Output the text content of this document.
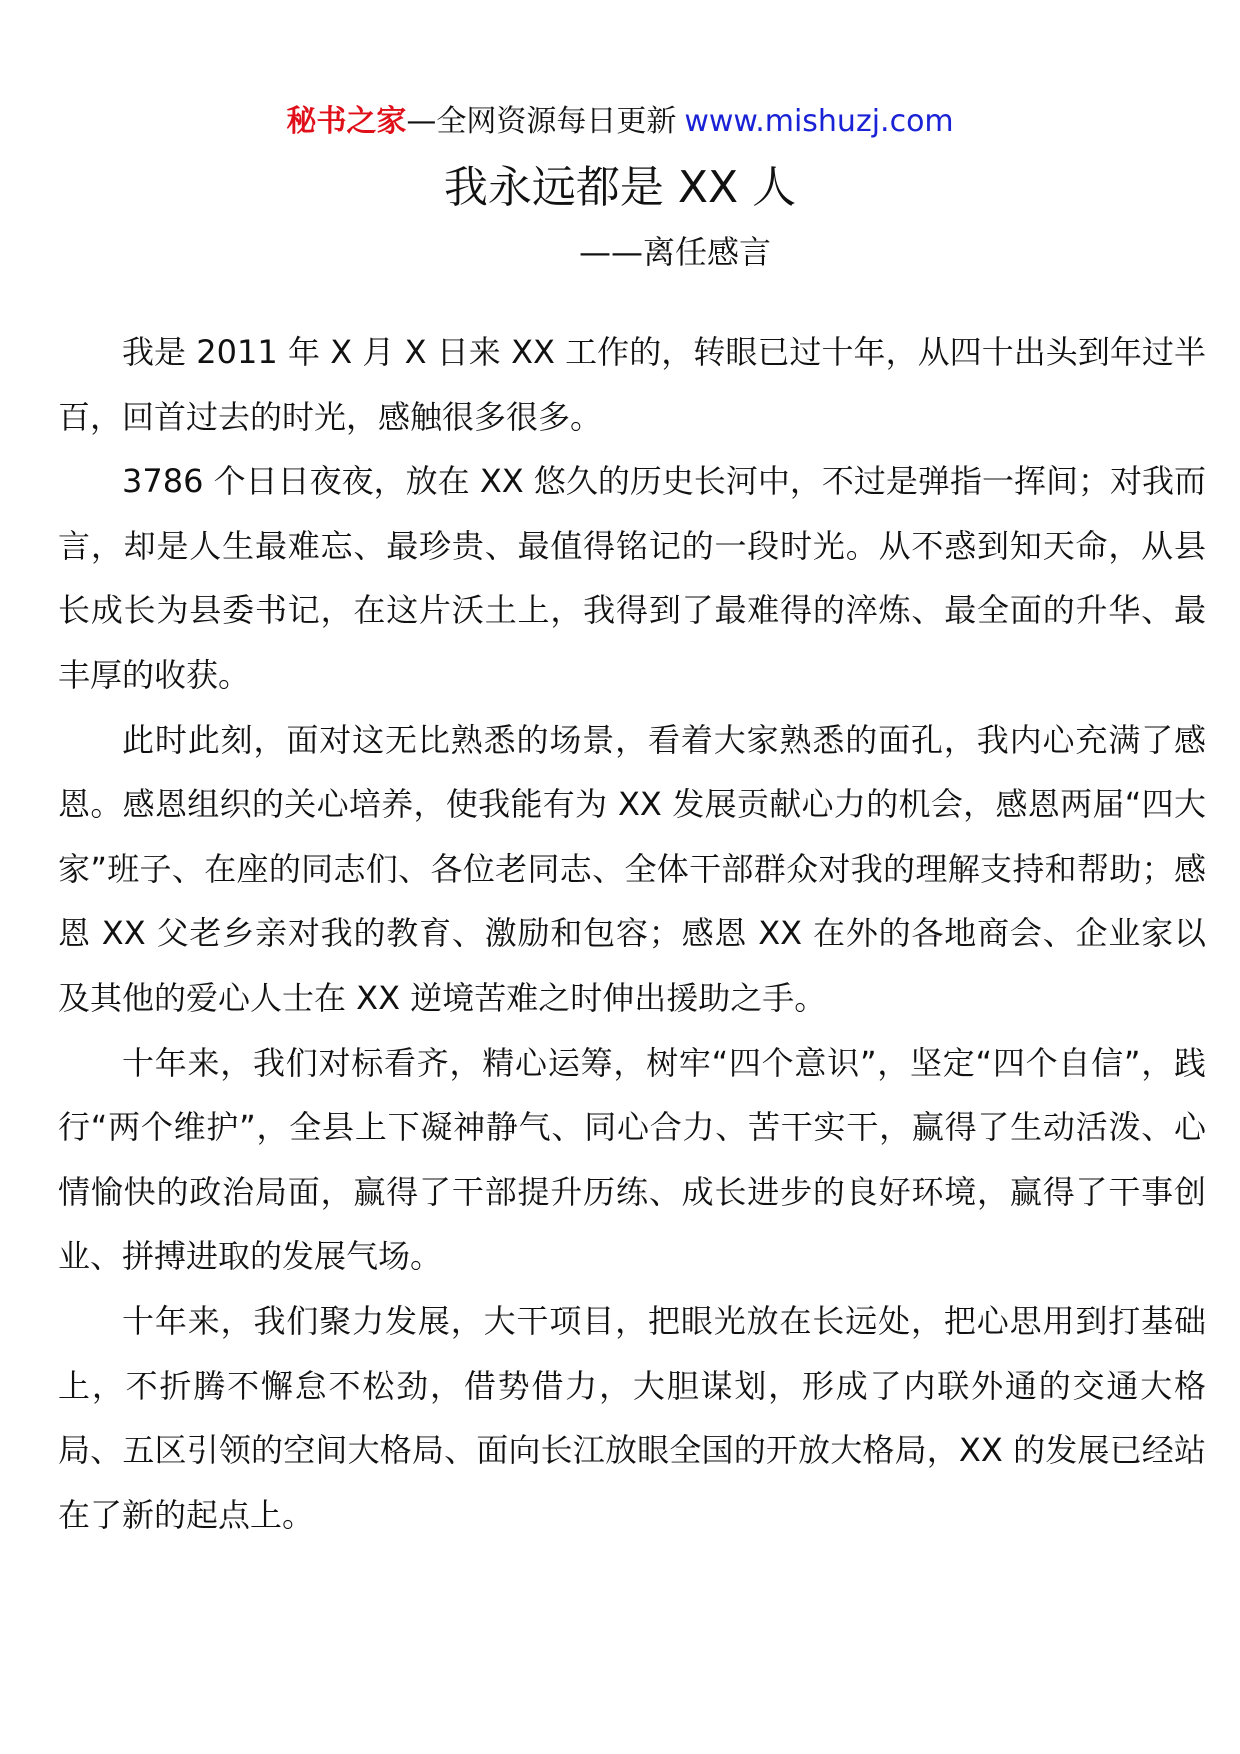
秘书之家—全网资源每日更新 www.mishuzj.com
我永远都是 XX 人
——离任感言

我是 2011 年 X 月 X 日来 XX 工作的，转眼已过十年，从四十出头到年过半百，回首过去的时光，感触很多很多。

3786 个日日夜夜，放在 XX 悠久的历史长河中，不过是弹指一挥间；对我而言，却是人生最难忘、最珍贵、最值得铭记的一段时光。从不惑到知天命，从县长成长为县委书记，在这片沃土上，我得到了最难得的淬炼、最全面的升华、最丰厚的收获。

此时此刻，面对这无比熟悉的场景，看着大家熟悉的面孔，我内心充满了感恩。感恩组织的关心培养，使我能有为 XX 发展贡献心力的机会，感恩两届“四大家”班子、在座的同志们、各位老同志、全体干部群众对我的理解支持和帮助；感恩 XX 父老乡亲对我的教育、激励和包容；感恩 XX 在外的各地商会、企业家以及其他的爱心人士在 XX 逆境苦难之时伸出援助之手。

十年来，我们对标看齐，精心运筹，树牢“四个意识”，坚定“四个自信”，践行“两个维护”，全县上下凝神静气、同心合力、苦干实干，赢得了生动活泼、心情愉快的政治局面，赢得了干部提升历练、成长进步的良好环境，赢得了干事创业、拼搏进取的发展气场。

十年来，我们聚力发展，大干项目，把眼光放在长远处，把心思用到打基础上，不折腾不懈怠不松劲，借势借力，大胆谋划，形成了内联外通的交通大格局、五区引领的空间大格局、面向长江放眼全国的开放大格局，XX 的发展已经站在了新的起点上。
